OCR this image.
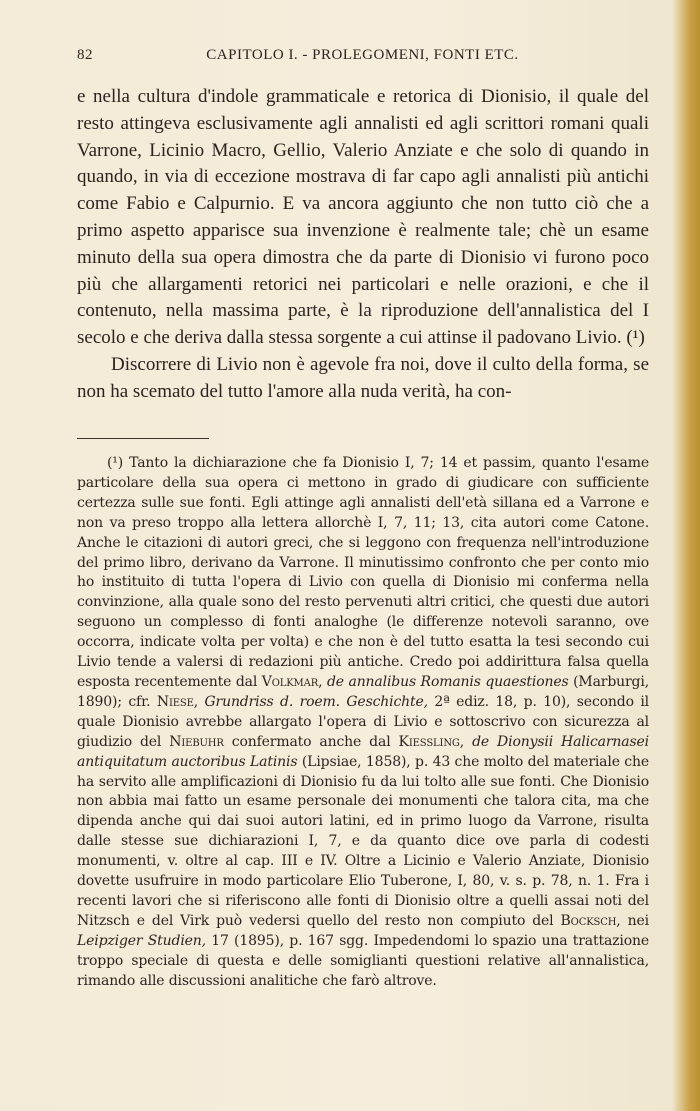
82	CAPITOLO I. - PROLEGOMENI, FONTI ETC.

e nella cultura d'indole grammaticale e retorica di Dionisio, il quale del resto attingeva esclusivamente agli annalisti ed agli scrittori romani quali Varrone, Licinio Macro, Gellio, Valerio Anziate e che solo di quando in quando, in via di eccezione mostrava di far capo agli annalisti più antichi come Fabio e Calpurnio. E va ancora aggiunto che non tutto ciò che a primo aspetto apparisce sua invenzione è realmente tale; chè un esame minuto della sua opera dimostra che da parte di Dionisio vi furono poco più che allargamenti retorici nei particolari e nelle orazioni, e che il contenuto, nella massima parte, è la riproduzione dell'annalistica del I secolo e che deriva dalla stessa sorgente a cui attinse il padovano Livio. (¹)

Discorrere di Livio non è agevole fra noi, dove il culto della forma, se non ha scemato del tutto l'amore alla nuda verità, ha con-

(¹) Tanto la dichiarazione che fa Dionisio I, 7; 14 et passim, quanto l'esame particolare della sua opera ci mettono in grado di giudicare con sufficiente certezza sulle sue fonti. Egli attinge agli annalisti dell'età sillana ed a Varrone e non va preso troppo alla lettera allorchè I, 7, 11; 13, cita autori come Catone. Anche le citazioni di autori greci, che si leggono con frequenza nell'introduzione del primo libro, derivano da Varrone. Il minutissimo confronto che per conto mio ho instituito di tutta l'opera di Livio con quella di Dionisio mi conferma nella convinzione, alla quale sono del resto pervenuti altri critici, che questi due autori seguono un complesso di fonti analoghe (le differenze notevoli saranno, ove occorra, indicate volta per volta) e che non è del tutto esatta la tesi secondo cui Livio tende a valersi di redazioni più antiche. Credo poi addirittura falsa quella esposta recentemente dal Volkmar, de annalibus Romanis quaestiones (Marburgi, 1890); cfr. Niese, Grundriss d. roem. Geschichte, 2ª ediz. 18, p. 10), secondo il quale Dionisio avrebbe allargato l'opera di Livio e sottoscrivo con sicurezza al giudizio del Niebuhr confermato anche dal Kiessling, de Dionysii Halicarnasei antiquitatum auctoribus Latinis (Lipsiae, 1858), p. 43 che molto del materiale che ha servito alle amplificazioni di Dionisio fu da lui tolto alle sue fonti. Che Dionisio non abbia mai fatto un esame personale dei monumenti che talora cita, ma che dipenda anche qui dai suoi autori latini, ed in primo luogo da Varrone, risulta dalle stesse sue dichiarazioni I, 7, e da quanto dice ove parla di codesti monumenti, v. oltre al cap. III e IV. Oltre a Licinio e Valerio Anziate, Dionisio dovette usufruire in modo particolare Elio Tuberone, I, 80, v. s. p. 78, n. 1. Fra i recenti lavori che si riferiscono alle fonti di Dionisio oltre a quelli assai noti del Nitzsch e del Virk può vedersi quello del resto non compiuto del Bocksch, nei Leipziger Studien, 17 (1895), p. 167 sgg. Impedendomi lo spazio una trattazione troppo speciale di questa e delle somiglianti questioni relative all'annalistica, rimando alle discussioni analitiche che farò altrove.
